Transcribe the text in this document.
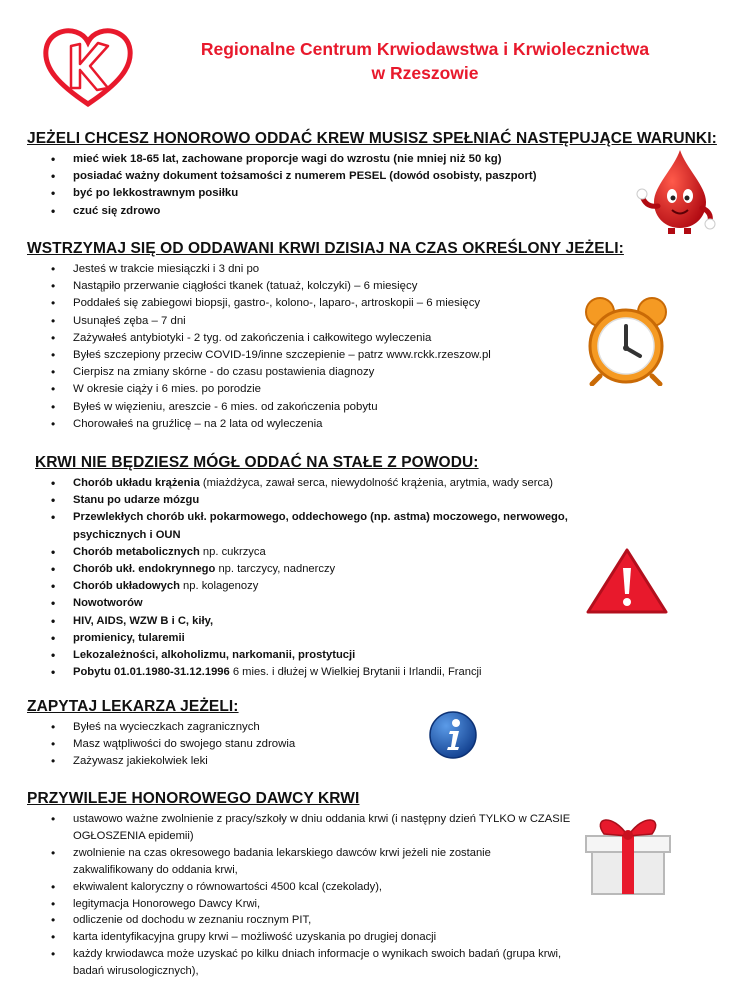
Regionalne Centrum Krwiodawstwa i Krwiolecznictwa
w Rzeszowie
JEŻELI CHCESZ HONOROWO ODDAĆ KREW MUSISZ SPEŁNIAĆ NASTĘPUJĄCE WARUNKI:
• mieć wiek 18-65 lat, zachowane proporcje wagi do wzrostu (nie mniej niż 50 kg)
• posiadać ważny dokument tożsamości z numerem PESEL (dowód osobisty, paszport)
• być po lekkostrawnym posiłku
• czuć się zdrowo
WSTRZYMAJ SIĘ OD ODDAWANI KRWI DZISIAJ NA CZAS OKREŚLONY JEŻELI:
• Jesteś w trakcie miesiączki i 3 dni po
• Nastąpiło przerwanie ciągłości tkanek (tatuaż, kolczyki) – 6 miesięcy
• Poddałeś się zabiegowi biopsji, gastro-, kolono-, laparo-, artroskopii – 6 miesięcy
• Usunąłeś zęba – 7 dni
• Zażywałeś antybiotyki - 2 tyg. od zakończenia i całkowitego wyleczenia
• Byłeś szczepiony przeciw COVID-19/inne szczepienie – patrz www.rckk.rzeszow.pl
• Cierpisz na zmiany skórne - do czasu postawienia diagnozy
• W okresie ciąży i 6 mies. po porodzie
• Byłeś w więzieniu, areszcie - 6 mies. od zakończenia pobytu
• Chorowałeś na gruźlicę – na 2 lata od wyleczenia
KRWI NIE BĘDZIESZ MÓGŁ ODDAĆ NA STAŁE Z POWODU:
• Chorób układu krążenia (miażdżyca, zawał serca, niewydolność krążenia, arytmia, wady serca)
• Stanu po udarze mózgu
• Przewlekłych chorób ukł. pokarmowego, oddechowego (np. astma) moczowego, nerwowego, psychicznych i OUN
• Chorób metabolicznych np. cukrzyca
• Chorób ukł. endokrynnego np. tarczycy, nadnerczy
• Chorób układowych np. kolagenozy
• Nowotworów
• HIV, AIDS, WZW B i C, kiły,
• promienicy, tularemii
• Lekozależności, alkoholizmu, narkomanii, prostytucji
• Pobytu 01.01.1980-31.12.1996 6 mies. i dłużej w Wielkiej Brytanii i Irlandii, Francji
ZAPYTAJ LEKARZA JEŻELI:
• Byłeś na wycieczkach zagranicznych
• Masz wątpliwości do swojego stanu zdrowia
• Zażywasz jakiekolwiek leki
PRZYWILEJE HONOROWEGO DAWCY KRWI
• ustawowo ważne zwolnienie z pracy/szkoły w dniu oddania krwi (i następny dzień TYLKO w CZASIE OGŁOSZENIA epidemii)
• zwolnienie na czas okresowego badania lekarskiego dawców krwi jeżeli nie zostanie zakwalifikowany do oddania krwi,
• ekwiwalent kaloryczny o równowartości 4500 kcal (czekolady),
• legitymacja Honorowego Dawcy Krwi,
• odliczenie od dochodu w zeznaniu rocznym PIT,
• karta identyfikacyjna grupy krwi – możliwość uzyskania po drugiej donacji
• każdy krwiodawca może uzyskać po kilku dniach informacje o wynikach swoich badań (grupa krwi, badań wirusologicznych),
